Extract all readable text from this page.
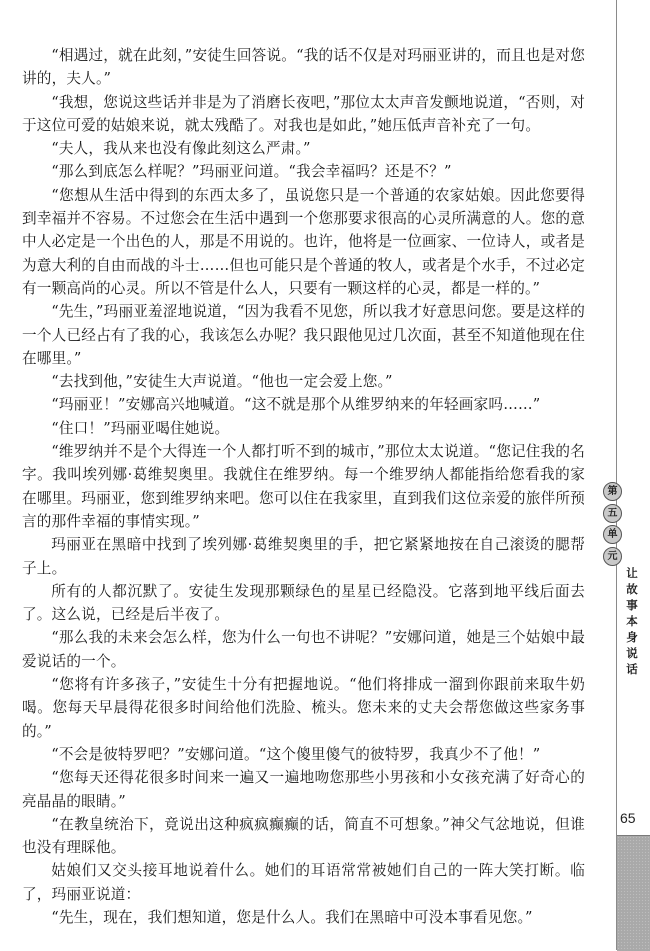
“相遇过，就在此刻，”安徒生回答说。“我的话不仅是对玛丽亚讲的，而且也是对您讲的，夫人。”

“我想，您说这些话并非是为了消磨长夜吧，”那位太太声音发颤地说道，“否则，对于这位可爱的姑娘来说，就太残酷了。对我也是如此，”她压低声音补充了一句。

“夫人，我从来也没有像此刻这么严肃。”

“那么到底怎么样呢？”玛丽亚问道。“我会幸福吗？还是不？”

“您想从生活中得到的东西太多了，虽说您只是一个普通的农家姑娘。因此您要得到幸福并不容易。不过您会在生活中遇到一个您那要求很高的心灵所满意的人。您的意中人必定是一个出色的人，那是不用说的。也许，他将是一位画家、一位诗人，或者是为意大利的自由而战的斗士……但也可能只是个普通的牧人，或者是个水手，不过必定有一颗高尚的心灵。所以不管是什么人，只要有一颗这样的心灵，都是一样的。”

“先生，”玛丽亚羞涩地说道，“因为我看不见您，所以我才好意思问您。要是这样的一个人已经占有了我的心，我该怎么办呢？我只跟他见过几次面，甚至不知道他现在住在哪里。”

“去找到他，”安徒生大声说道。“他也一定会爱上您。”

“玛丽亚！”安娜高兴地喊道。“这不就是那个从维罗纳来的年轻画家吗……”

“住口！”玛丽亚喝住她说。

“维罗纳并不是个大得连一个人都打听不到的城市，”那位太太说道。“您记住我的名字。我叫埃列娜·葛维契奥里。我就住在维罗纳。每一个维罗纳人都能指给您看我的家在哪里。玛丽亚，您到维罗纳来吧。您可以住在我家里，直到我们这位亲爱的旅伴所预言的那件幸福的事情实现。”

玛丽亚在黑暗中找到了埃列娜·葛维契奥里的手，把它紧紧地按在自己滚烫的腮帮子上。

所有的人都沉默了。安徒生发现那颗绿色的星星已经隐没。它落到地平线后面去了。这么说，已经是后半夜了。

“那么我的未来会怎么样，您为什么一句也不讲呢？”安娜问道，她是三个姑娘中最爱说话的一个。

“您将有许多孩子，”安徒生十分有把握地说。“他们将排成一溜到你跟前来取牛奶喝。您每天早晨得花很多时间给他们洗脸、梳头。您未来的丈夫会帮您做这些家务事的。”

“不会是彼特罗吧？”安娜问道。“这个傻里傻气的彼特罗，我真少不了他！”

“您每天还得花很多时间来一遍又一遍地吻您那些小男孩和小女孩充满了好奇心的亮晶晶的眼睛。”

“在教皇统治下，竟说出这种疯疯癫癫的话，简直不可想象。”神父气忿地说，但谁也没有理睬他。

姑娘们又交头接耳地说着什么。她们的耳语常常被她们自己的一阵大笑打断。临了，玛丽亚说道：

“先生，现在，我们想知道，您是什么人。我们在黑暗中可没本事看见您。”

第
五
单
元
让
故
事
本
身
说
话
65
